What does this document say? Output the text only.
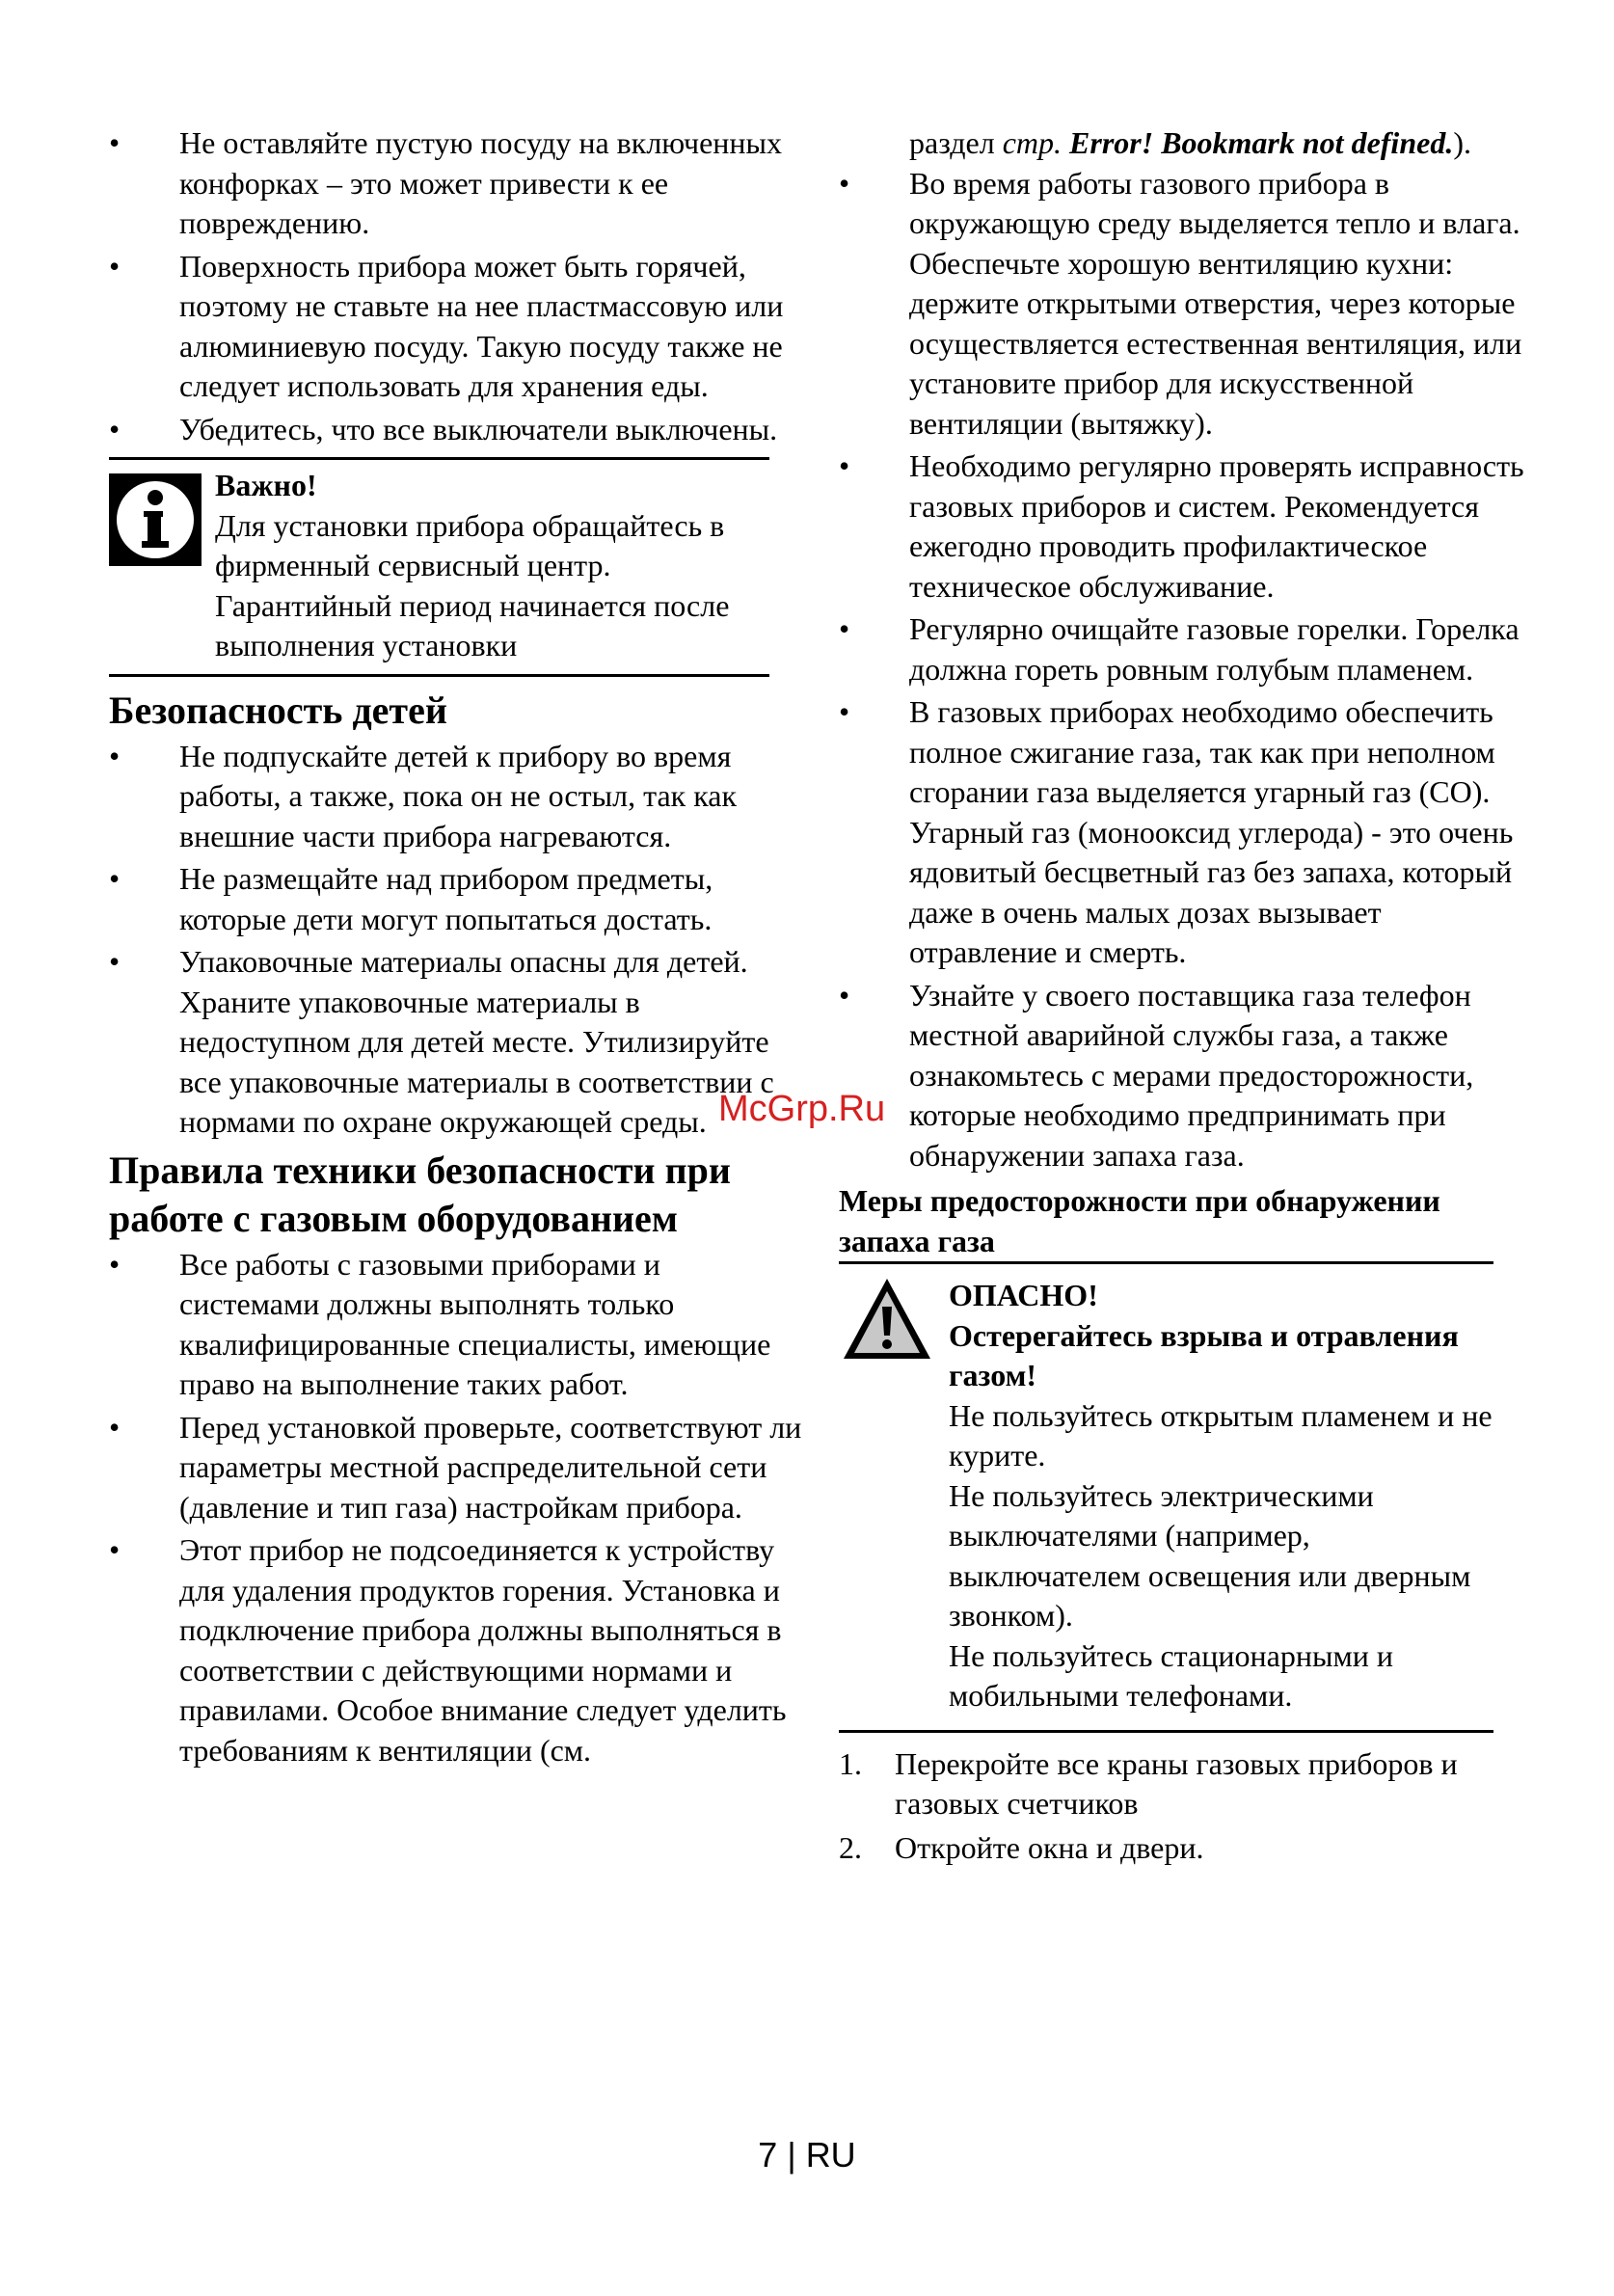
• Не оставляйте пустую посуду на включенных конфорках – это может привести к ее повреждению.
• Поверхность прибора может быть горячей, поэтому не ставьте на нее пластмассовую или алюминиевую посуду. Такую посуду также не следует использовать для хранения еды.
• Убедитесь, что все выключатели выключены.
Важно!
Для установки прибора обращайтесь в фирменный сервисный центр. Гарантийный период начинается после выполнения установки
Безопасность детей
• Не подпускайте детей к прибору во время работы, а также, пока он не остыл, так как внешние части прибора нагреваются.
• Не размещайте над прибором предметы, которые дети могут попытаться достать.
• Упаковочные материалы опасны для детей. Храните упаковочные материалы в недоступном для детей месте. Утилизируйте все упаковочные материалы в соответствии с нормами по охране окружающей среды.
Правила техники безопасности при работе с газовым оборудованием
• Все работы с газовыми приборами и системами должны выполнять только квалифицированные специалисты, имеющие право на выполнение таких работ.
• Перед установкой проверьте, соответствуют ли параметры местной распределительной сети (давление и тип газа) настройкам прибора.
• Этот прибор не подсоединяется к устройству для удаления продуктов горения. Установка и подключение прибора должны выполняться в соответствии с действующими нормами и правилами. Особое внимание следует уделить требованиям к вентиляции (см.
раздел стр. Error! Bookmark not defined.).
• Во время работы газового прибора в окружающую среду выделяется тепло и влага. Обеспечьте хорошую вентиляцию кухни: держите открытыми отверстия, через которые осуществляется естественная вентиляция, или установите прибор для искусственной вентиляции (вытяжку).
• Необходимо регулярно проверять исправность газовых приборов и систем. Рекомендуется ежегодно проводить профилактическое техническое обслуживание.
• Регулярно очищайте газовые горелки. Горелка должна гореть ровным голубым пламенем.
• В газовых приборах необходимо обеспечить полное сжигание газа, так как при неполном сгорании газа выделяется угарный газ (CO). Угарный газ (монооксид углерода) - это очень ядовитый бесцветный газ без запаха, который даже в очень малых дозах вызывает отравление и смерть.
• Узнайте у своего поставщика газа телефон местной аварийной службы газа, а также ознакомьтесь с мерами предосторожности, которые необходимо предпринимать при обнаружении запаха газа.
Меры предосторожности при обнаружении запаха газа
ОПАСНО!
Остерегайтесь взрыва и отравления газом!
Не пользуйтесь открытым пламенем и не курите.
Не пользуйтесь электрическими выключателями (например, выключателем освещения или дверным звонком).
Не пользуйтесь стационарными и мобильными телефонами.
1. Перекройте все краны газовых приборов и газовых счетчиков
2. Откройте окна и двери.
McGrp.Ru
7 | RU
